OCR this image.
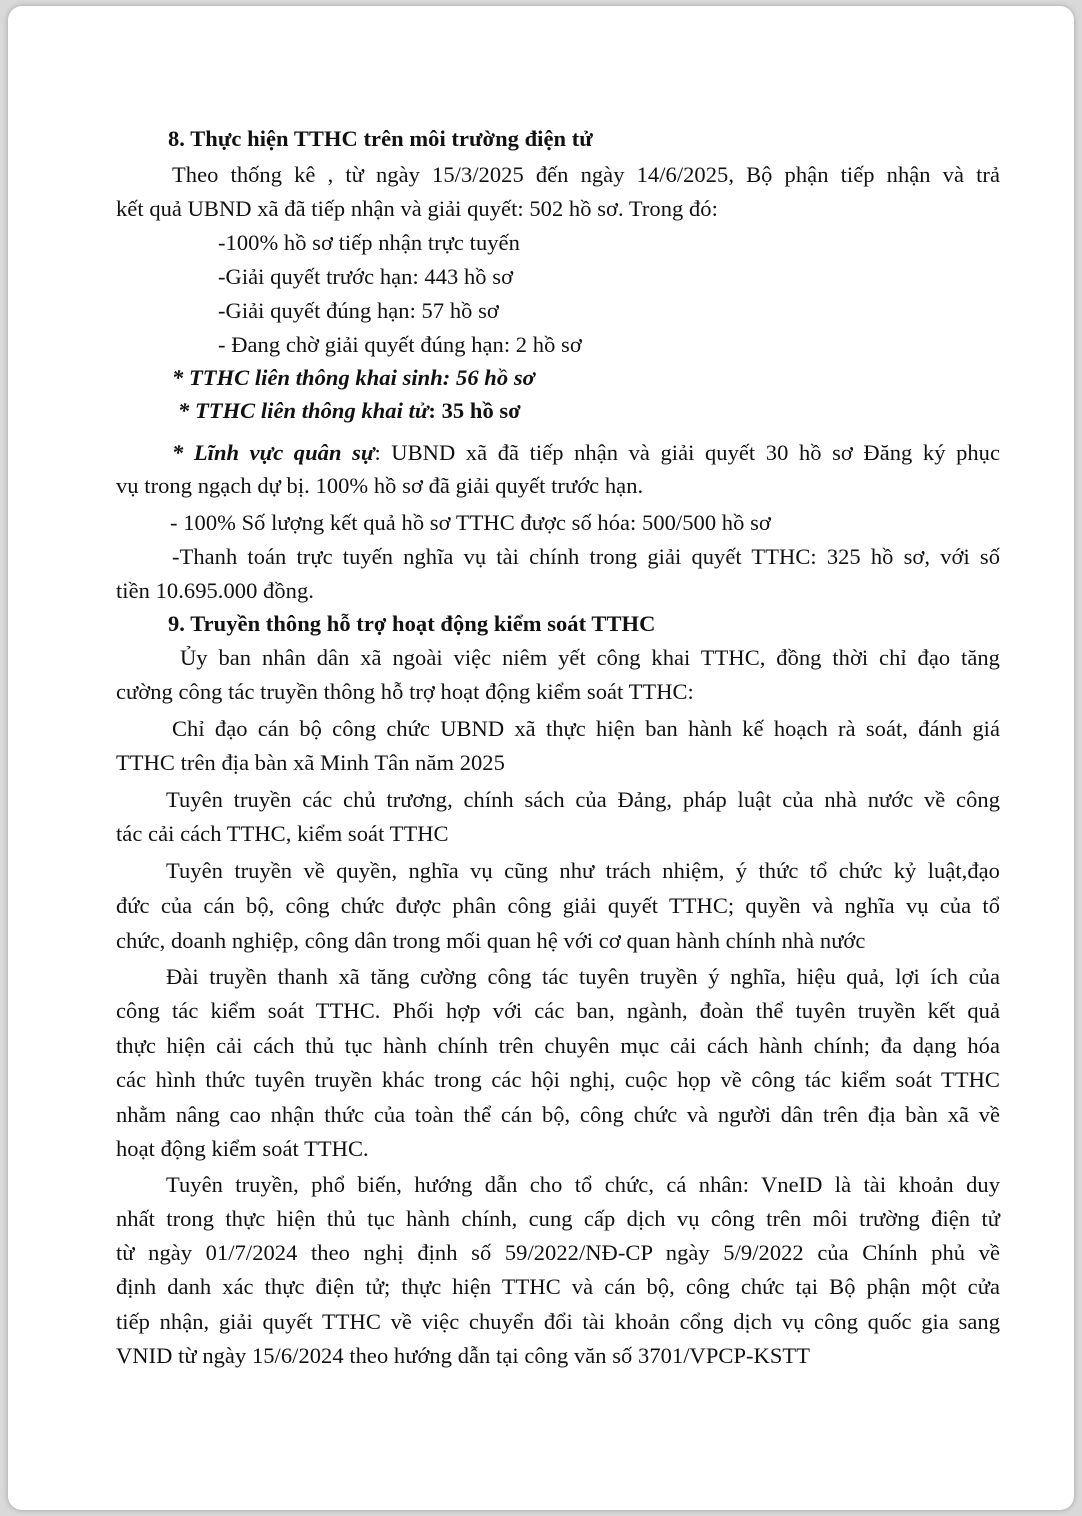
8. Thực hiện TTHC trên môi trường điện tử
Theo thống kê , từ ngày 15/3/2025 đến ngày 14/6/2025, Bộ phận tiếp nhận và trả
kết quả UBND xã đã tiếp nhận và giải quyết: 502 hồ sơ. Trong đó:
-100% hồ sơ tiếp nhận trực tuyến
-Giải quyết trước hạn: 443 hồ sơ
-Giải quyết đúng hạn: 57 hồ sơ
- Đang chờ giải quyết đúng hạn: 2 hồ sơ
* TTHC liên thông khai sinh: 56 hồ sơ
* TTHC liên thông khai tử: 35 hồ sơ
* Lĩnh vực quân sự: UBND xã đã tiếp nhận và giải quyết 30 hồ sơ Đăng ký phục
vụ trong ngạch dự bị. 100% hồ sơ đã giải quyết trước hạn.
- 100% Số lượng kết quả hồ sơ TTHC được số hóa: 500/500 hồ sơ
-Thanh toán trực tuyến nghĩa vụ tài chính trong giải quyết TTHC: 325 hồ sơ, với số
tiền 10.695.000 đồng.
9. Truyền thông hỗ trợ hoạt động kiểm soát TTHC
Ủy ban nhân dân xã ngoài việc niêm yết công khai TTHC, đồng thời chỉ đạo tăng
cường công tác truyền thông hỗ trợ hoạt động kiểm soát TTHC:
Chỉ đạo cán bộ công chức UBND xã thực hiện ban hành kế hoạch rà soát, đánh giá
TTHC trên địa bàn xã Minh Tân năm 2025
Tuyên truyền các chủ trương, chính sách của Đảng, pháp luật của nhà nước về công
tác cải cách TTHC, kiểm soát TTHC
Tuyên truyền về quyền, nghĩa vụ cũng như trách nhiệm, ý thức tổ chức kỷ luật,đạo
đức của cán bộ, công chức được phân công giải quyết TTHC; quyền và nghĩa vụ của tổ
chức, doanh nghiệp, công dân trong mối quan hệ với cơ quan hành chính nhà nước
Đài truyền thanh xã tăng cường công tác tuyên truyền ý nghĩa, hiệu quả, lợi ích của
công tác kiểm soát TTHC. Phối hợp với các ban, ngành, đoàn thể tuyên truyền kết quả
thực hiện cải cách thủ tục hành chính trên chuyên mục cải cách hành chính; đa dạng hóa
các hình thức tuyên truyền khác trong các hội nghị, cuộc họp về công tác kiểm soát TTHC
nhằm nâng cao nhận thức của toàn thể cán bộ, công chức và người dân trên địa bàn xã về
hoạt động kiểm soát TTHC.
Tuyên truyền, phổ biến, hướng dẫn cho tổ chức, cá nhân: VneID là tài khoản duy
nhất trong thực hiện thủ tục hành chính, cung cấp dịch vụ công trên môi trường điện tử
từ ngày 01/7/2024 theo nghị định số 59/2022/NĐ-CP ngày 5/9/2022 của Chính phủ về
định danh xác thực điện tử; thực hiện TTHC và cán bộ, công chức tại Bộ phận một cửa
tiếp nhận, giải quyết TTHC về việc chuyển đổi tài khoản cổng dịch vụ công quốc gia sang
VNID từ ngày 15/6/2024 theo hướng dẫn tại công văn số 3701/VPCP-KSTT
